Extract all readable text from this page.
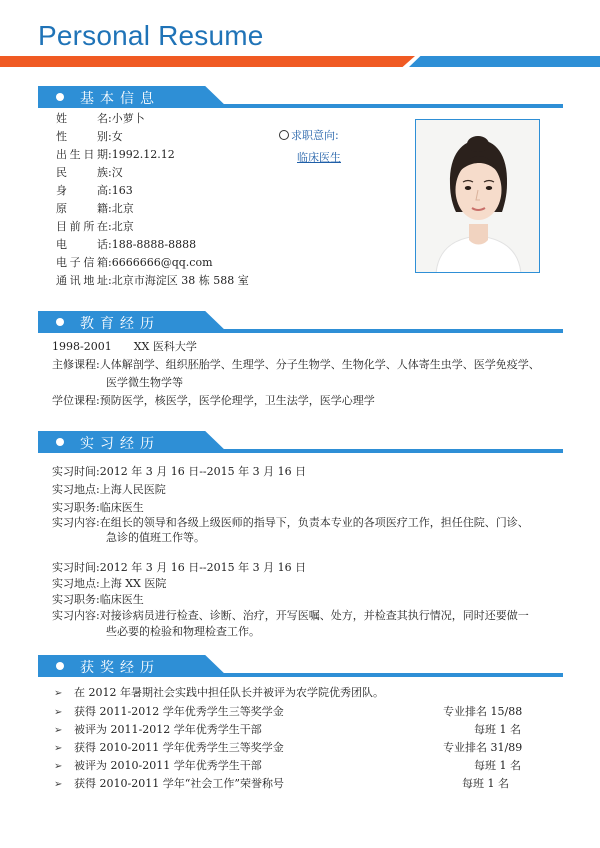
Personal Resume
基本信息
姓名:小萝卜
性别:女
出生日期:1992.12.12
民族:汉
身高:163
原籍:北京
目前所在:北京
电话:188-8888-8888
电子信箱:6666666@qq.com
通讯地址:北京市海淀区 38 栋 588 室
求职意向:
临床医生
教育经历
1998-2001 XX 医科大学
主修课程:人体解剖学、组织胚胎学、生理学、分子生物学、生物化学、人体寄生虫学、医学免疫学、
医学微生物学等
学位课程:预防医学，核医学，医学伦理学，卫生法学，医学心理学
实习经历
实习时间:2012 年 3 月 16 日--2015 年 3 月 16 日
实习地点:上海人民医院
实习职务:临床医生
实习内容:在组长的领导和各级上级医师的指导下，负责本专业的各项医疗工作，担任住院、门诊、
急诊的值班工作等。
实习时间:2012 年 3 月 16 日--2015 年 3 月 16 日
实习地点:上海 XX 医院
实习职务:临床医生
实习内容:对接诊病员进行检查、诊断、治疗，开写医嘱、处方，并检查其执行情况，同时还要做一
些必要的检验和物理检查工作。
获奖经历
➢ 在 2012 年暑期社会实践中担任队长并被评为农学院优秀团队。
➢ 获得 2011-2012 学年优秀学生三等奖学金	专业排名 15/88
➢ 被评为 2011-2012 学年优秀学生干部	每班 1 名
➢ 获得 2010-2011 学年优秀学生三等奖学金	专业排名 31/89
➢ 被评为 2010-2011 学年优秀学生干部	每班 1 名
➢ 获得 2010-2011 学年“社会工作”荣誉称号	每班 1 名
